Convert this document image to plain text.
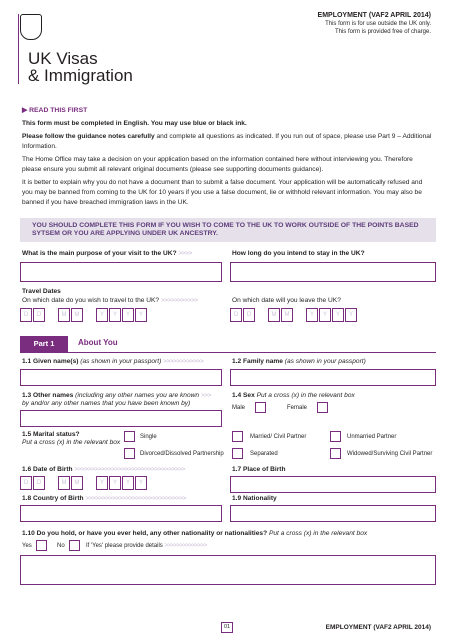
UK Visas
& Immigration
EMPLOYMENT (VAF2 APRIL 2014)
This form is for use outside the UK only.
This form is provided free of charge.

▶ READ THIS FIRST

This form must be completed in English. You may use blue or black ink.

Please follow the guidance notes carefully and complete all questions as indicated. If you run out of space, please use Part 9 – Additional Information.

The Home Office may take a decision on your application based on the information contained here without interviewing you. Therefore please ensure you submit all relevant original documents (please see supporting documents guidance).

It is better to explain why you do not have a document than to submit a false document. Your application will be automatically refused and you may be banned from coming to the UK for 10 years if you use a false document, lie or withhold relevant information. You may also be banned if you have breached immigration laws in the UK.

YOU SHOULD COMPLETE THIS FORM IF YOU WISH TO COME TO THE UK TO WORK OUTSIDE OF THE POINTS BASED SYTSEM OR YOU ARE APPLYING UNDER UK ANCESTRY.
What is the main purpose of your visit to the UK? >>>>	How long do you intend to stay in the UK?
Travel Dates
On which date do you wish to travel to the UK? >>>>>>>>>>>	On which date will you leave the UK?
D	D	M	M	Y	Y	Y	Y	D	D	M	M	Y	Y	Y	Y
Part 1	About You
1.1 Given name(s) (as shown in your passport) >>>>>>>>>>>>	1.2 Family name (as shown in your passport)
1.3 Other names (including any other names you are known >>>
by and/or any other names that you have been known by)
1.4 Sex Put a cross (x) in the relevant box
Male	Female
1.5 Marital status?
Put a cross (x) in the relevant box
Single	Married/ Civil Partner	Unmarried Partner
Divorced/Dissolved Partnership	Separated	Widowed/Surviving Civil Partner
1.6 Date of Birth >>>>>>>>>>>>>>>>>>>>>>>>>>>>>>>>>	1.7 Place of Birth
D	D	M	M	Y	Y	Y	Y
1.8 Country of Birth >>>>>>>>>>>>>>>>>>>>>>>>>>>>>>	1.9 Nationality
1.10 Do you hold, or have you ever held, any other nationality or nationalities? Put a cross (x) in the relevant box
Yes	No	If 'Yes' please provide details >>>>>>>>>>>>>>
01	EMPLOYMENT (VAF2 APRIL 2014)
